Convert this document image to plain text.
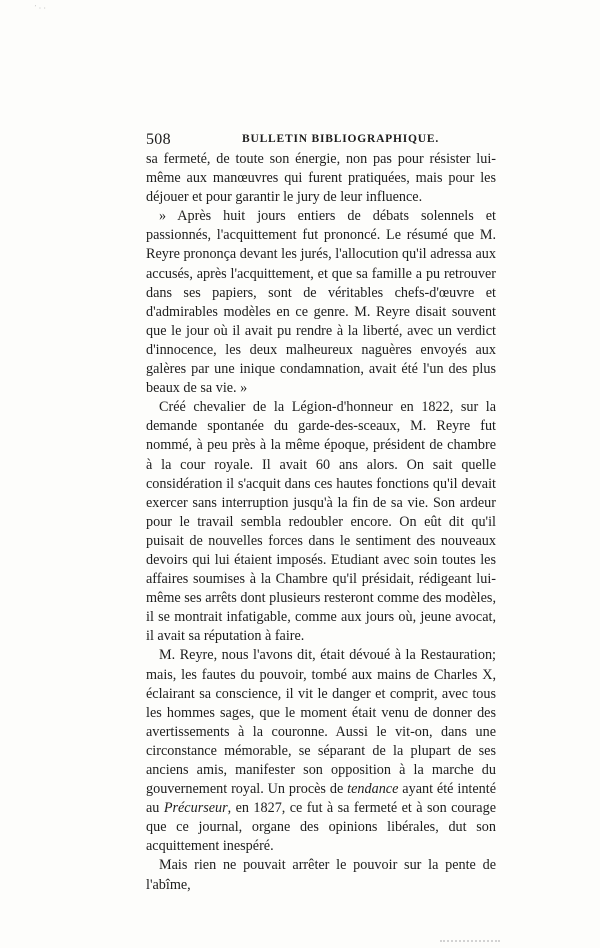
᾽ · ·
508	BULLETIN BIBLIOGRAPHIQUE.

sa fermeté, de toute son énergie, non pas pour résister lui-même aux manœuvres qui furent pratiquées, mais pour les déjouer et pour garantir le jury de leur influence.

» Après huit jours entiers de débats solennels et passionnés, l'acquittement fut prononcé. Le résumé que M. Reyre prononça devant les jurés, l'allocution qu'il adressa aux accusés, après l'acquittement, et que sa famille a pu retrouver dans ses papiers, sont de véritables chefs-d'œuvre et d'admirables modèles en ce genre. M. Reyre disait souvent que le jour où il avait pu rendre à la liberté, avec un verdict d'innocence, les deux malheureux naguères envoyés aux galères par une inique condamnation, avait été l'un des plus beaux de sa vie. »

Créé chevalier de la Légion-d'honneur en 1822, sur la demande spontanée du garde-des-sceaux, M. Reyre fut nommé, à peu près à la même époque, président de chambre à la cour royale. Il avait 60 ans alors. On sait quelle considération il s'acquit dans ces hautes fonctions qu'il devait exercer sans interruption jusqu'à la fin de sa vie. Son ardeur pour le travail sembla redoubler encore. On eût dit qu'il puisait de nouvelles forces dans le sentiment des nouveaux devoirs qui lui étaient imposés. Etudiant avec soin toutes les affaires soumises à la Chambre qu'il présidait, rédigeant lui-même ses arrêts dont plusieurs resteront comme des modèles, il se montrait infatigable, comme aux jours où, jeune avocat, il avait sa réputation à faire.

M. Reyre, nous l'avons dit, était dévoué à la Restauration; mais, les fautes du pouvoir, tombé aux mains de Charles X, éclairant sa conscience, il vit le danger et comprit, avec tous les hommes sages, que le moment était venu de donner des avertissements à la couronne. Aussi le vit-on, dans une circonstance mémorable, se séparant de la plupart de ses anciens amis, manifester son opposition à la marche du gouvernement royal. Un procès de tendance ayant été intenté au Précurseur, en 1827, ce fut à sa fermeté et à son courage que ce journal, organe des opinions libérales, dut son acquittement inespéré.

Mais rien ne pouvait arrêter le pouvoir sur la pente de l'abîme,
